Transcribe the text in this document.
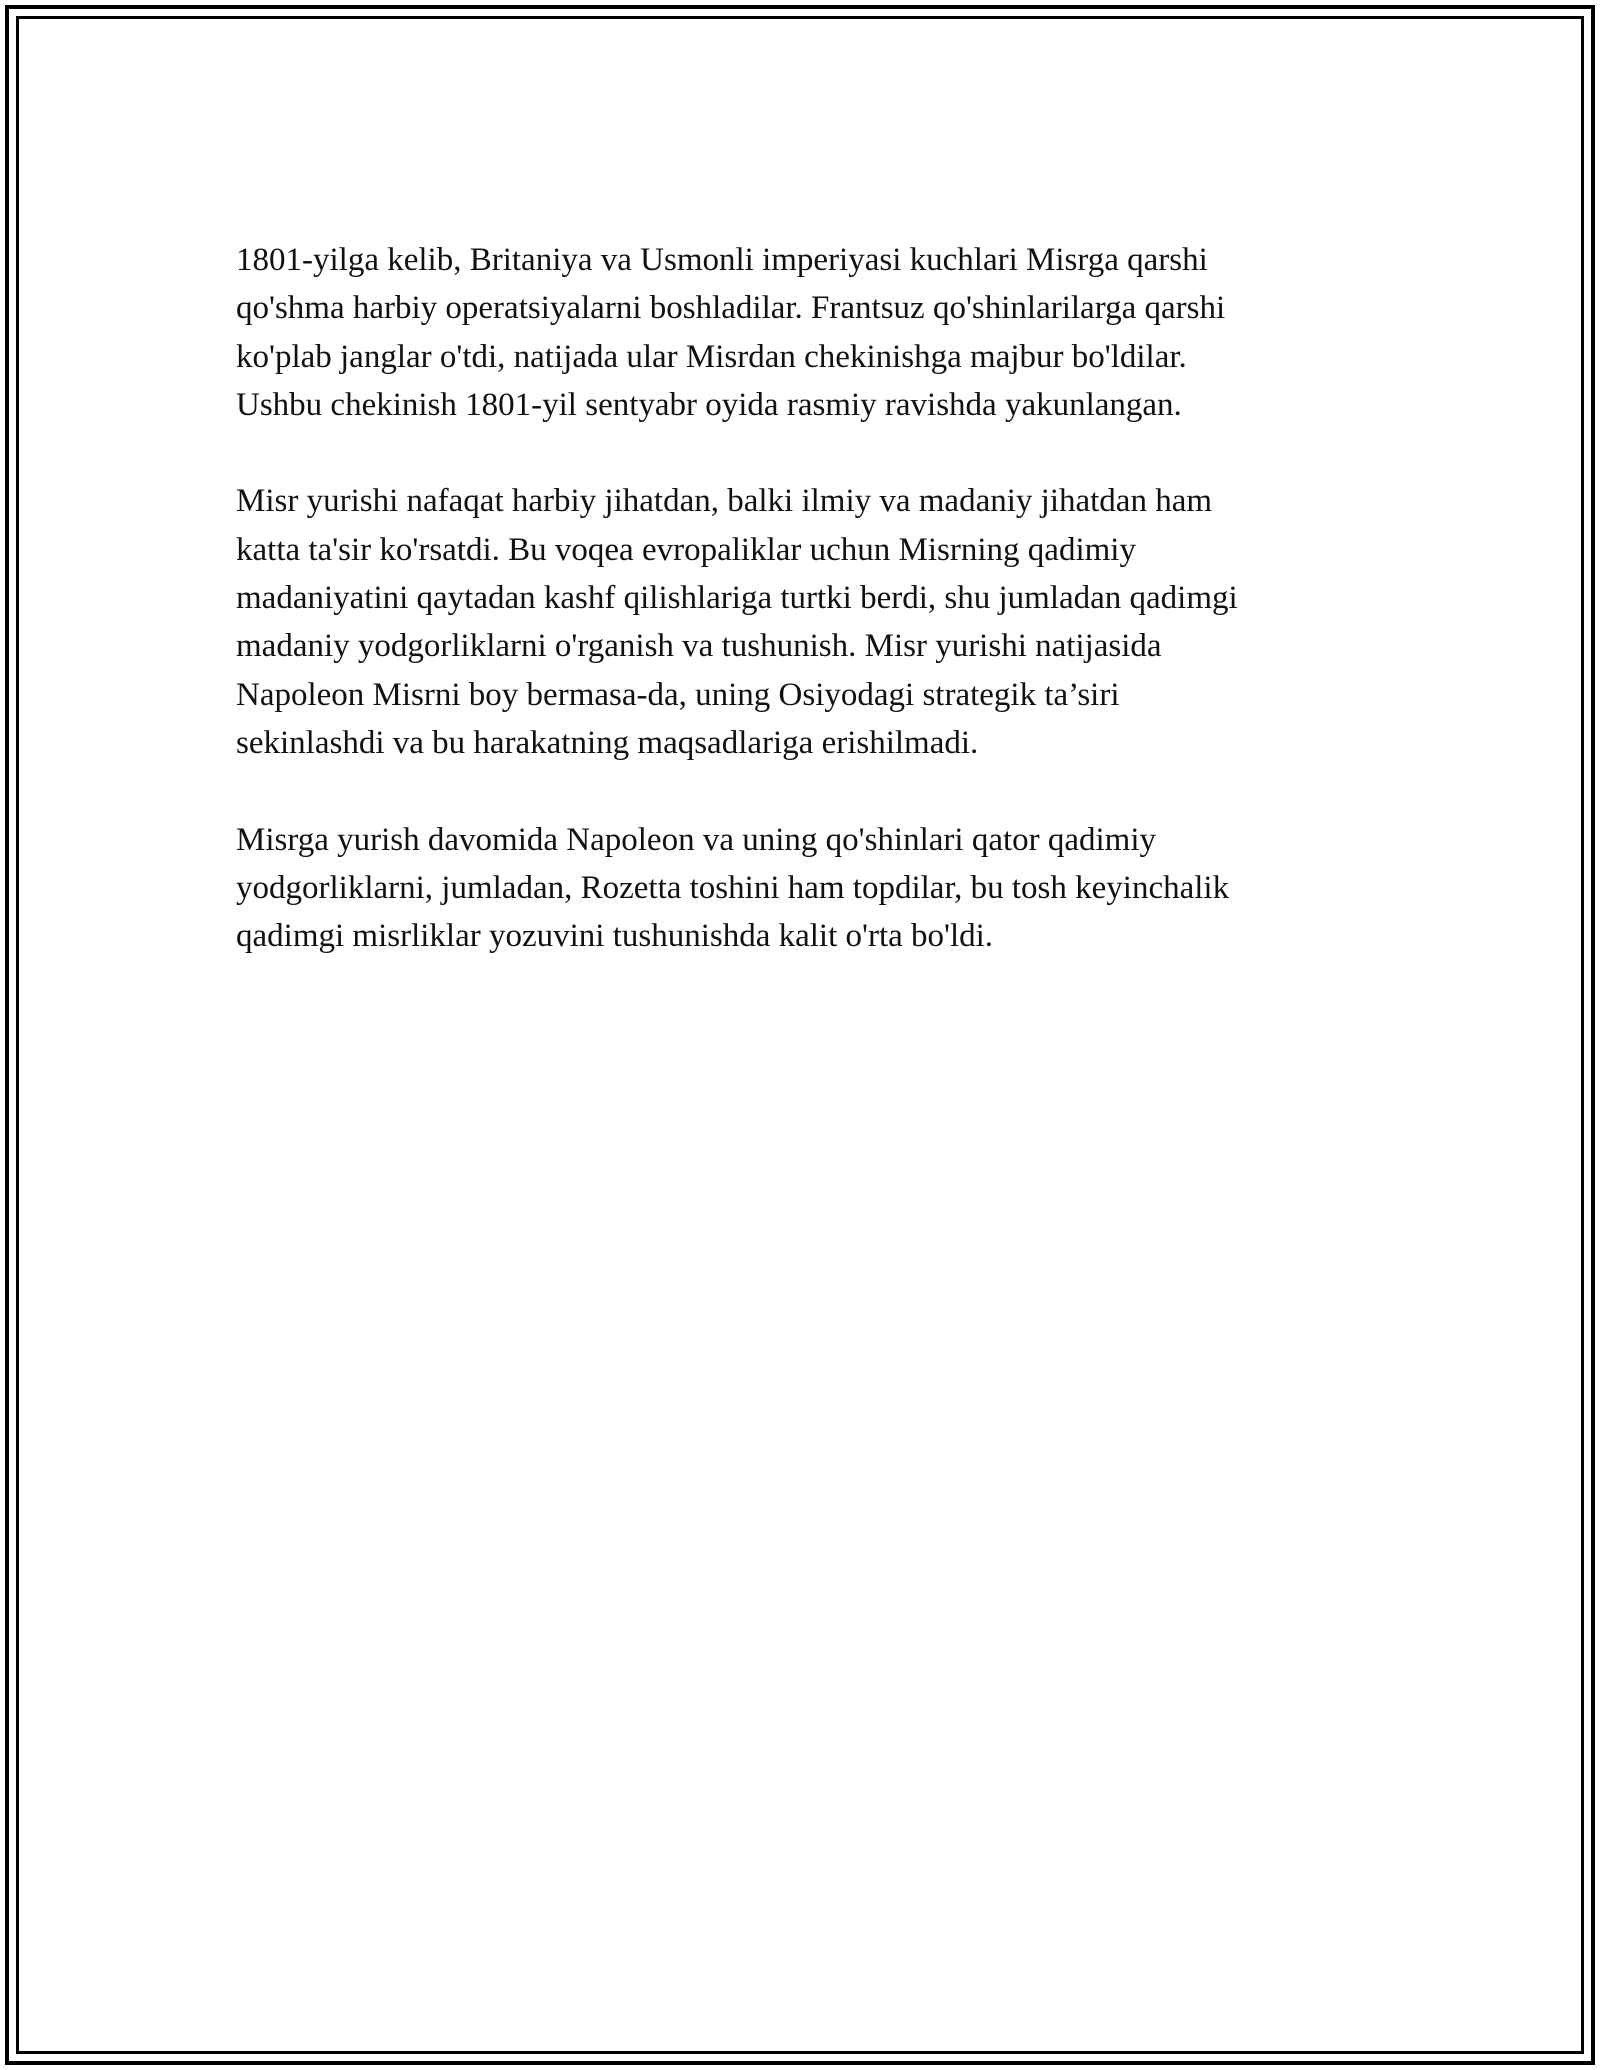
1801-yilga kelib, Britaniya va Usmonli imperiyasi kuchlari Misrga qarshi
qo'shma harbiy operatsiyalarni boshladilar. Frantsuz qo'shinlarilarga qarshi
ko'plab janglar o'tdi, natijada ular Misrdan chekinishga majbur bo'ldilar.
Ushbu chekinish 1801-yil sentyabr oyida rasmiy ravishda yakunlangan.

Misr yurishi nafaqat harbiy jihatdan, balki ilmiy va madaniy jihatdan ham
katta ta'sir ko'rsatdi. Bu voqea evropaliklar uchun Misrning qadimiy
madaniyatini qaytadan kashf qilishlariga turtki berdi, shu jumladan qadimgi
madaniy yodgorliklarni o'rganish va tushunish. Misr yurishi natijasida
Napoleon Misrni boy bermasa-da, uning Osiyodagi strategik ta’siri
sekinlashdi va bu harakatning maqsadlariga erishilmadi.

Misrga yurish davomida Napoleon va uning qo'shinlari qator qadimiy
yodgorliklarni, jumladan, Rozetta toshini ham topdilar, bu tosh keyinchalik
qadimgi misrliklar yozuvini tushunishda kalit o'rta bo'ldi.
